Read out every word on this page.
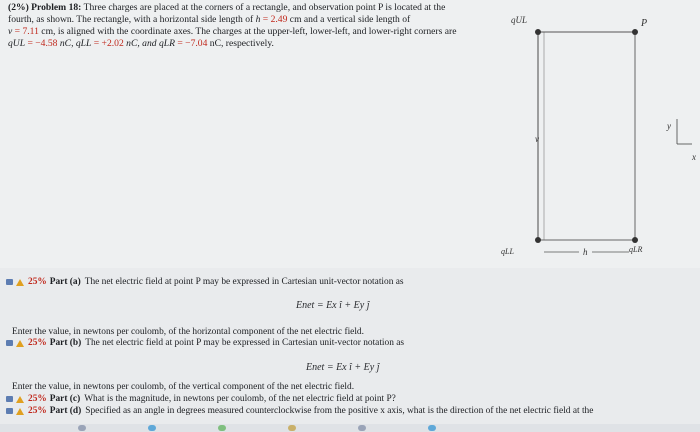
(2%) Problem 18: Three charges are placed at the corners of a rectangle, and observation point P is located at the
fourth, as shown. The rectangle, with a horizontal side length of h = 2.49 cm and a vertical side length of
v = 7.11 cm, is aligned with the coordinate axes. The charges at the upper-left, lower-left, and lower-right corners are
qUL = −4.58 nC, qLL = +2.02 nC, and qLR = −7.04 nC, respectively.
qUL	P
v
y
x
qLL	h	qLR
25% Part (a) The net electric field at point P may be expressed in Cartesian unit-vector notation as
Enet = Ex î + Ey ĵ
Enter the value, in newtons per coulomb, of the horizontal component of the net electric field.
25% Part (b) The net electric field at point P may be expressed in Cartesian unit-vector notation as
Enet = Ex î + Ey ĵ
Enter the value, in newtons per coulomb, of the vertical component of the net electric field.
25% Part (c) What is the magnitude, in newtons per coulomb, of the net electric field at point P?
25% Part (d) Specified as an angle in degrees measured counterclockwise from the positive x axis, what is the direction of the net electric field at the
